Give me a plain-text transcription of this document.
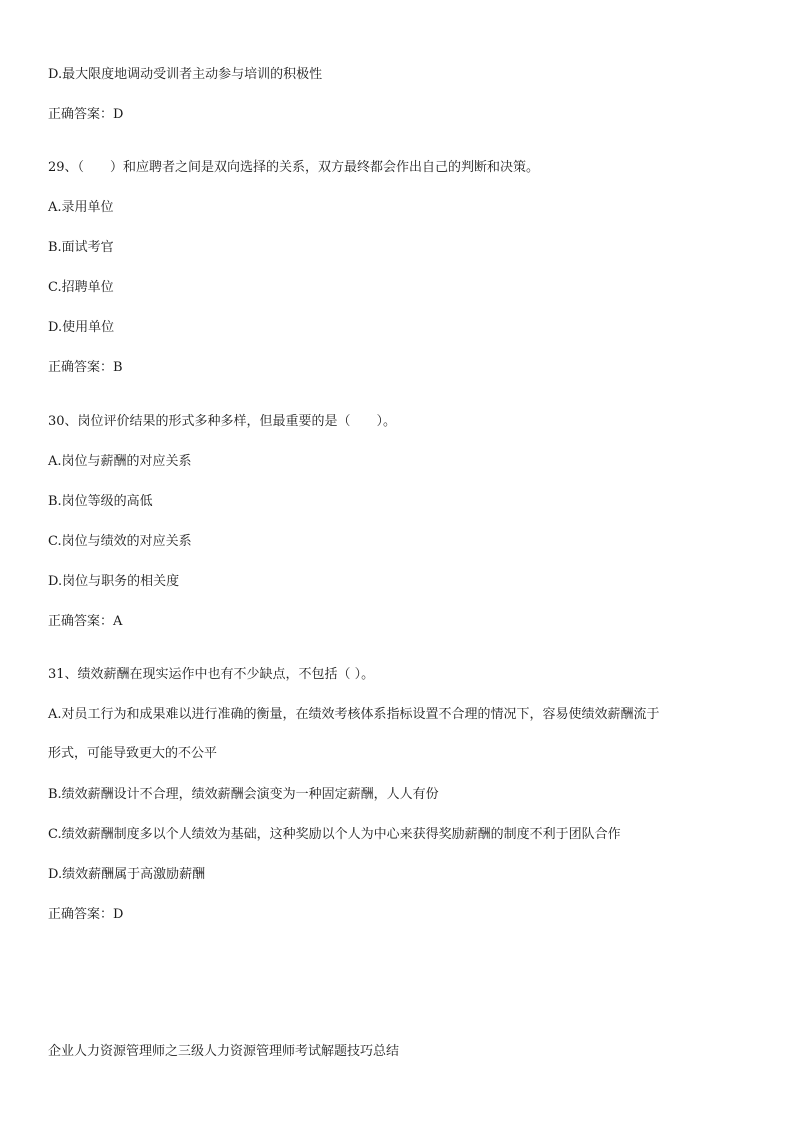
D.最大限度地调动受训者主动参与培训的积极性
正确答案：D
29、（　　）和应聘者之间是双向选择的关系，双方最终都会作出自己的判断和决策。
A.录用单位
B.面试考官
C.招聘单位
D.使用单位
正确答案：B
30、岗位评价结果的形式多种多样，但最重要的是（　　）。
A.岗位与薪酬的对应关系
B.岗位等级的高低
C.岗位与绩效的对应关系
D.岗位与职务的相关度
正确答案：A
31、绩效薪酬在现实运作中也有不少缺点，不包括（ ）。
A.对员工行为和成果难以进行准确的衡量，在绩效考核体系指标设置不合理的情况下，容易使绩效薪酬流于
形式，可能导致更大的不公平
B.绩效薪酬设计不合理，绩效薪酬会演变为一种固定薪酬，人人有份
C.绩效薪酬制度多以个人绩效为基础，这种奖励以个人为中心来获得奖励薪酬的制度不利于团队合作
D.绩效薪酬属于高激励薪酬
正确答案：D
企业人力资源管理师之三级人力资源管理师考试解题技巧总结
